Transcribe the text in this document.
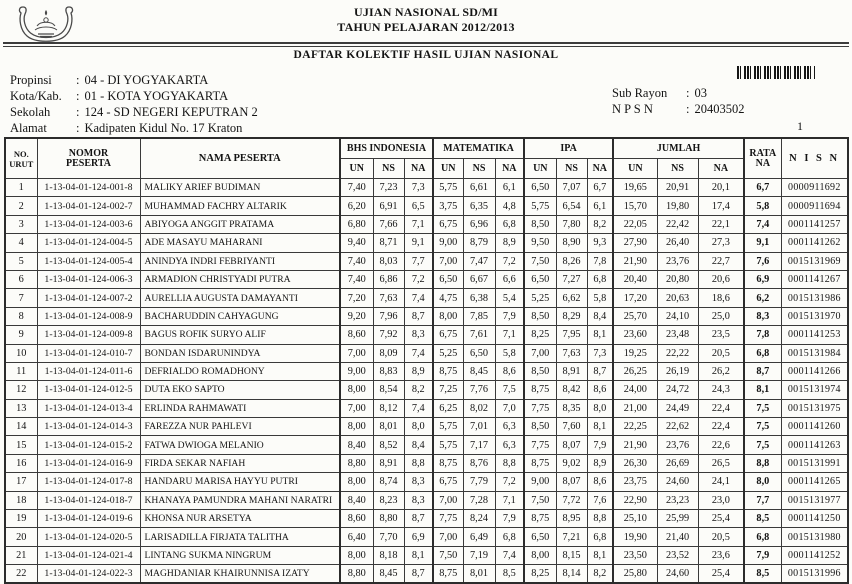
UJIAN NASIONAL SD/MI
TAHUN PELAJARAN 2012/2013
DAFTAR KOLEKTIF HASIL UJIAN NASIONAL
Propinsi : 04 - DI YOGYAKARTA
Kota/Kab. : 01 - KOTA YOGYAKARTA
Sekolah : 124 - SD NEGERI KEPUTRAN 2
Alamat : Kadipaten Kidul No. 17 Kraton
Sub Rayon : 03
N P S N	: 20403502
1
NO.
URUT

NOMOR
PESERTA	NAMA PESERTA	BHS INDONESIA	MATEMATIKA	IPA	JUMLAH	RATA
NA	N I S N
			UN	NS	NA	UN	NS	NA	UN	NS	NA	UN	NS	NA		
1	1-13-04-01-124-001-8	MALIKY ARIEF BUDIMAN	7,40	7,23	7,3	5,75	6,61	6,1	6,50	7,07	6,7	19,65	20,91	20,1	6,7	0000911692
2	1-13-04-01-124-002-7	MUHAMMAD FACHRY ALTARIK	6,20	6,91	6,5	3,75	6,35	4,8	5,75	6,54	6,1	15,70	19,80	17,4	5,8	0000911694
3	1-13-04-01-124-003-6	ABIYOGA ANGGIT PRATAMA	6,80	7,66	7,1	6,75	6,96	6,8	8,50	7,80	8,2	22,05	22,42	22,1	7,4	0001141257
4	1-13-04-01-124-004-5	ADE MASAYU MAHARANI	9,40	8,71	9,1	9,00	8,79	8,9	9,50	8,90	9,3	27,90	26,40	27,3	9,1	0001141262
5	1-13-04-01-124-005-4	ANINDYA INDRI FEBRIYANTI	7,40	8,03	7,7	7,00	7,47	7,2	7,50	8,26	7,8	21,90	23,76	22,7	7,6	0015131969
6	1-13-04-01-124-006-3	ARMADION CHRISTYADI PUTRA	7,40	6,86	7,2	6,50	6,67	6,6	6,50	7,27	6,8	20,40	20,80	20,6	6,9	0001141267
7	1-13-04-01-124-007-2	AURELLIA AUGUSTA DAMAYANTI	7,20	7,63	7,4	4,75	6,38	5,4	5,25	6,62	5,8	17,20	20,63	18,6	6,2	0015131986
8	1-13-04-01-124-008-9	BACHARUDDIN CAHYAGUNG	9,20	7,96	8,7	8,00	7,85	7,9	8,50	8,29	8,4	25,70	24,10	25,0	8,3	0015131970
9	1-13-04-01-124-009-8	BAGUS ROFIK SURYO ALIF	8,60	7,92	8,3	6,75	7,61	7,1	8,25	7,95	8,1	23,60	23,48	23,5	7,8	0001141253
10	1-13-04-01-124-010-7	BONDAN ISDARUNINDYA	7,00	8,09	7,4	5,25	6,50	5,8	7,00	7,63	7,3	19,25	22,22	20,5	6,8	0015131984
11	1-13-04-01-124-011-6	DEFRIALDO ROMADHONY	9,00	8,83	8,9	8,75	8,45	8,6	8,50	8,91	8,7	26,25	26,19	26,2	8,7	0001141266
12	1-13-04-01-124-012-5	DUTA EKO SAPTO	8,00	8,54	8,2	7,25	7,76	7,5	8,75	8,42	8,6	24,00	24,72	24,3	8,1	0015131974
13	1-13-04-01-124-013-4	ERLINDA RAHMAWATI	7,00	8,12	7,4	6,25	8,02	7,0	7,75	8,35	8,0	21,00	24,49	22,4	7,5	0015131975
14	1-13-04-01-124-014-3	FAREZZA NUR PAHLEVI	8,00	8,01	8,0	5,75	7,01	6,3	8,50	7,60	8,1	22,25	22,62	22,4	7,5	0001141260
15	1-13-04-01-124-015-2	FATWA DWIOGA MELANIO	8,40	8,52	8,4	5,75	7,17	6,3	7,75	8,07	7,9	21,90	23,76	22,6	7,5	0001141263
16	1-13-04-01-124-016-9	FIRDA SEKAR NAFIAH	8,80	8,91	8,8	8,75	8,76	8,8	8,75	9,02	8,9	26,30	26,69	26,5	8,8	0015131991
17	1-13-04-01-124-017-8	HANDARU MARISA HAYYU PUTRI	8,00	8,74	8,3	6,75	7,79	7,2	9,00	8,07	8,6	23,75	24,60	24,1	8,0	0001141265
18	1-13-04-01-124-018-7	KHANAYA PAMUNDRA MAHANI NARATRI	8,40	8,23	8,3	7,00	7,28	7,1	7,50	7,72	7,6	22,90	23,23	23,0	7,7	0015131977
19	1-13-04-01-124-019-6	KHONSA NUR ARSETYA	8,60	8,80	8,7	7,75	8,24	7,9	8,75	8,95	8,8	25,10	25,99	25,4	8,5	0001141250
20	1-13-04-01-124-020-5	LARISADILLA FIRJATA TALITHA	6,40	7,70	6,9	7,00	6,49	6,8	6,50	7,21	6,8	19,90	21,40	20,5	6,8	0015131980
21	1-13-04-01-124-021-4	LINTANG SUKMA NINGRUM	8,00	8,18	8,1	7,50	7,19	7,4	8,00	8,15	8,1	23,50	23,52	23,6	7,9	0001141252
22	1-13-04-01-124-022-3	MAGHDANIAR KHAIRUNNISA IZATY	8,80	8,45	8,7	8,75	8,01	8,5	8,25	8,14	8,2	25,80	24,60	25,4	8,5	0015131996
